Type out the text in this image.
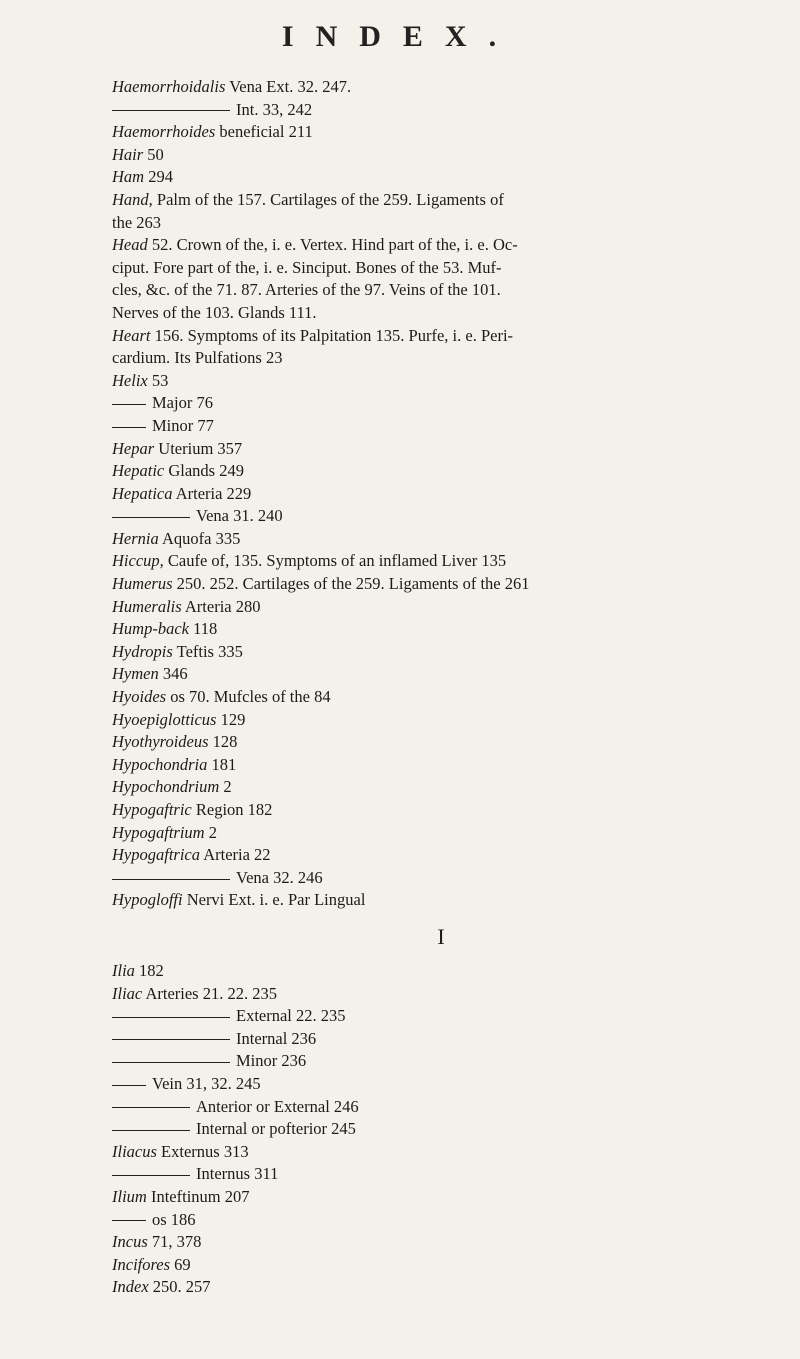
INDEX.
Haemorrhoidalis Vena Ext. 32. 247.
Int. 33, 242
Haemorrhoides beneficial 211
Hair 50
Ham 294
Hand, Palm of the 157. Cartilages of the 259. Ligaments of
the 263
Head 52. Crown of the, i. e. Vertex. Hind part of the, i. e. Oc-
ciput. Fore part of the, i. e. Sinciput. Bones of the 53. Muf-
cles, &c. of the 71. 87. Arteries of the 97. Veins of the 101.
Nerves of the 103. Glands 111.
Heart 156. Symptoms of its Palpitation 135. Purfe, i. e. Peri-
cardium. Its Pulfations 23
Helix 53
Major 76
Minor 77
Hepar Uterium 357
Hepatic Glands 249
Hepatica Arteria 229
Vena 31. 240
Hernia Aquofa 335
Hiccup, Caufe of, 135. Symptoms of an inflamed Liver 135
Humerus 250. 252. Cartilages of the 259. Ligaments of the 261
Humeralis Arteria 280
Hump-back 118
Hydropis Teftis 335
Hymen 346
Hyoides os 70. Mufcles of the 84
Hyoepiglotticus 129
Hyothyroideus 128
Hypochondria 181
Hypochondrium 2
Hypogaftric Region 182
Hypogaftrium 2
Hypogaftrica Arteria 22
Vena 32. 246
Hypogloffi Nervi Ext. i. e. Par Lingual
I
Ilia 182
Iliac Arteries 21. 22. 235
External 22. 235
Internal 236
Minor 236
Vein 31, 32. 245
Anterior or External 246
Internal or pofterior 245
Iliacus Externus 313
Internus 311
Ilium Inteftinum 207
os 186
Incus 71, 378
Incifores 69
Index 250. 257
